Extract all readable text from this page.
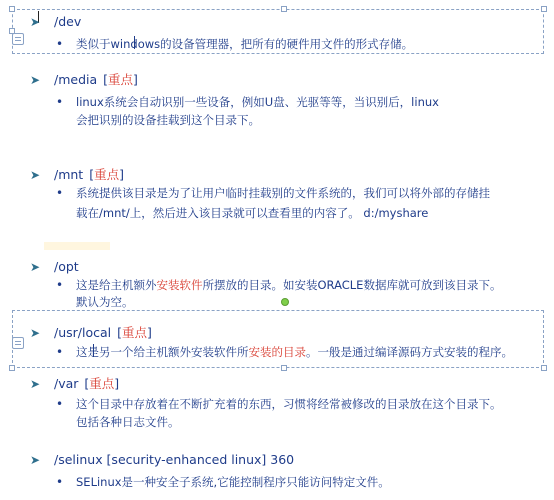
➤ /dev
• 类似于windows的设备管理器，把所有的硬件用文件的形式存储。
➤ /media [重点]
• linux系统会自动识别一些设备，例如U盘、光驱等等，当识别后，linux
会把识别的设备挂载到这个目录下。
➤ /mnt [重点]
• 系统提供该目录是为了让用户临时挂载别的文件系统的，我们可以将外部的存储挂
载在/mnt/上，然后进入该目录就可以查看里的内容了。 d:/myshare
➤ /opt
• 这是给主机额外安装软件所摆放的目录。如安装ORACLE数据库就可放到该目录下。
默认为空。
➤ /usr/local [重点]
• 这是另一个给主机额外安装软件所安装的目录。一般是通过编译源码方式安装的程序。
➤ /var [重点]
• 这个目录中存放着在不断扩充着的东西，习惯将经常被修改的目录放在这个目录下。
包括各种日志文件。
➤ /selinux [security-enhanced linux] 360
• SELinux是一种安全子系统,它能控制程序只能访问特定文件。
